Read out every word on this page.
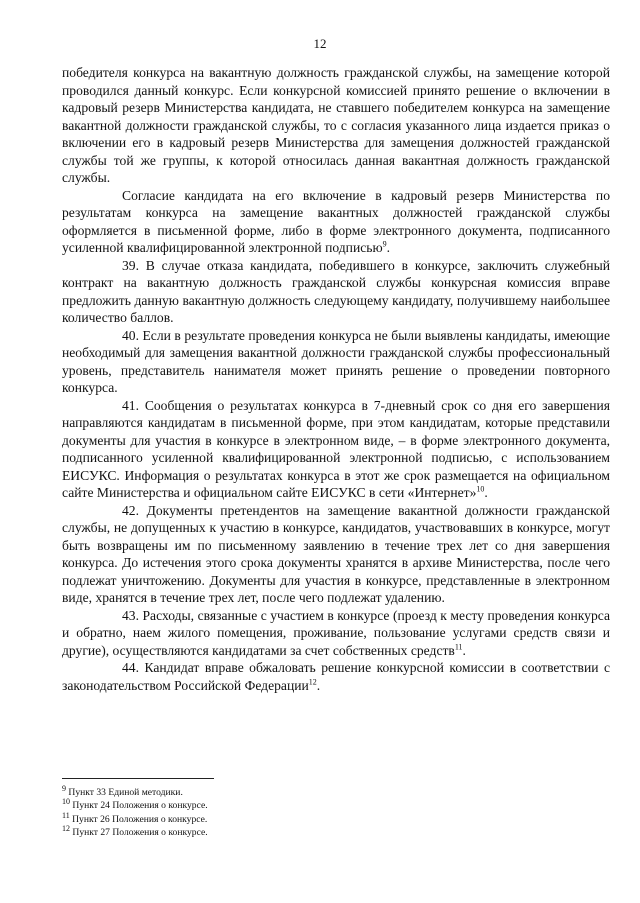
12

победителя конкурса на вакантную должность гражданской службы, на замещение которой проводился данный конкурс. Если конкурсной комиссией принято решение о включении в кадровый резерв Министерства кандидата, не ставшего победителем конкурса на замещение вакантной должности гражданской службы, то с согласия указанного лица издается приказ о включении его в кадровый резерв Министерства для замещения должностей гражданской службы той же группы, к которой относилась данная вакантная должность гражданской службы.

Согласие кандидата на его включение в кадровый резерв Министерства по результатам конкурса на замещение вакантных должностей гражданской службы оформляется в письменной форме, либо в форме электронного документа, подписанного усиленной квалифицированной электронной подписью$^9$.

39. В случае отказа кандидата, победившего в конкурсе, заключить служебный контракт на вакантную должность гражданской службы конкурсная комиссия вправе предложить данную вакантную должность следующему кандидату, получившему наибольшее количество баллов.

40. Если в результате проведения конкурса не были выявлены кандидаты, имеющие необходимый для замещения вакантной должности гражданской службы профессиональный уровень, представитель нанимателя может принять решение о проведении повторного конкурса.

41. Сообщения о результатах конкурса в 7-дневный срок со дня его завершения направляются кандидатам в письменной форме, при этом кандидатам, которые представили документы для участия в конкурсе в электронном виде, – в форме электронного документа, подписанного усиленной квалифицированной электронной подписью, с использованием ЕИСУКС. Информация о результатах конкурса в этот же срок размещается на официальном сайте Министерства и официальном сайте ЕИСУКС в сети «Интернет»$^{10}$.

42. Документы претендентов на замещение вакантной должности гражданской службы, не допущенных к участию в конкурсе, кандидатов, участвовавших в конкурсе, могут быть возвращены им по письменному заявлению в течение трех лет со дня завершения конкурса. До истечения этого срока документы хранятся в архиве Министерства, после чего подлежат уничтожению. Документы для участия в конкурсе, представленные в электронном виде, хранятся в течение трех лет, после чего подлежат удалению.

43. Расходы, связанные с участием в конкурсе (проезд к месту проведения конкурса и обратно, наем жилого помещения, проживание, пользование услугами средств связи и другие), осуществляются кандидатами за счет собственных средств$^{11}$.

44. Кандидат вправе обжаловать решение конкурсной комиссии в соответствии с законодательством Российской Федерации$^{12}$.

$^9$ Пункт 33 Единой методики.

$^{10}$ Пункт 24 Положения о конкурсе.

$^{11}$ Пункт 26 Положения о конкурсе.

$^{12}$ Пункт 27 Положения о конкурсе.
